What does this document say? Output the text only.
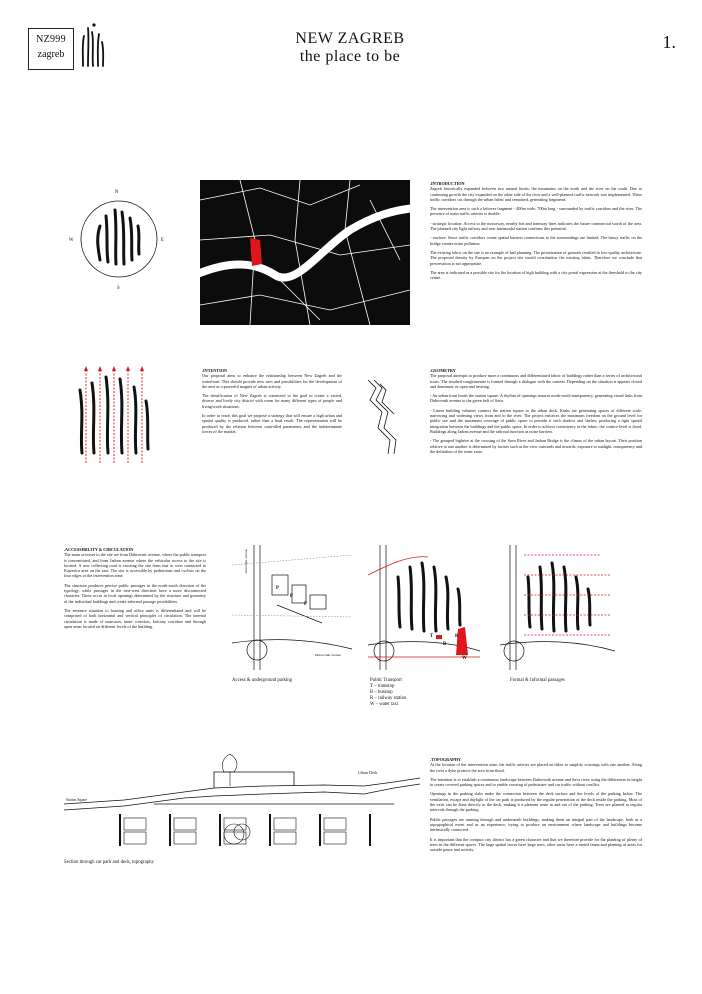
NZ999
zagreb
NEW ZAGREB
the place to be
1.
N
S
W	E
.INTRODUCTION

Zagreb historically expanded between two natural limits: the mountains on the north and the river on the south. Due to continuing growth the city expanded on the other side of the river and a well-planned traffic network was implemented. These traffic corridors cut through the urban fabric and remained, generating fragments.

The intervention area is such a leftover fragment - 400m wide, 700m long - surrounded by traffic corridors and the river. The presence of main traffic arteries is double:

- strategic location: Access to the motorway, nearby bus and tramway lines indicates the future commercial worth of the area. The planned city light railway and new intermodal station confirms this potential.

- enclave: Since traffic corridors create spatial barriers connections to the surroundings are limited. The heavy traffic on the bridge creates noise pollution.

The existing fabric on the site is an example of bad planning. The privatization of grounds resulted in low-quality architecture. The proposed density by Europan on the project site would overshadow the existing fabric. Therefore we conclude that preservation is not appropriate.

The area is indicated as a possible site for the location of high building with a city portal expression at the threshold to the city centre.

.INTENTION

Our proposal aims to enhance the relationship between New Zagreb and the waterfront. This should provide new uses and possibilities for the development of the area as a powerful magnet of urban activity.

The densification of New Zagreb is connected to the goal to create a varied, diverse and lively city district with room for many different types of people and living/work situations.

In order to reach this goal we propose a strategy that will ensure a high urban and spatial quality is produced, rather than a final result. The representation will be produced by the relation between controlled parameters and the indeterminate forces of the market.

.GEOMETRY

The proposal attempts to produce more a continuous and differentiated fabric of buildings rather than a series of architectural icons. The resulted conglomerate is formed through a dialogue with the context. Depending on the situation it appears closed and dominant, or open and inviting.

- An urban front limits the station square. A rhythm of openings ensures north-south transparency, generating visual links from Dubrovnik avenue to the green belt of Sava.

- Linear building volumes connect the station square to the urban deck. Kinks are generating spaces of different scale, narrowing and widening views from and to the river. The project enforces the maximum freedom on the ground level for public use and the maximum coverage of public space to provide it with shadow and shelter, producing a tight spatial integration between the buildings and the public space. In order to achieve consistency in the fabric, the cornice level is fixed. Buildings along Jadran avenue and the railroad function as noise barriers.

- The grouped highrise at the crossing of the Sava River and Jadran Bridge is the climax of the urban layout. Their position relative to one another is determined by factors such as the view outwards and inwards, exposure to sunlight, transparency and the definition of the inner zone.

.ACCESSIBILITY & CIRCULATION

The main accesses to the site are from Dubrovnic avenue, where the public transport is concentrated, and from Jadran avenue where the vehicular access to the site is located. A new collecting road is crossing the site from east to west connected to Kajzerica area on the east. The site is accessible by pedestrians and cyclists on the four edges of the intervention zone.

The structure produces precise public passages in the north-south direction of the typology, while passages in the east-west direction have a more disconnected character. These occur in local openings determined by the structure and geometry of the individual buildings and create informal passage possibilities.

The entrance situation to housing and office units is differentiated and will be comprised of both horizontal and vertical principles of circulation. The internal circulation is made of staircases, inner corridors, balcony corridors and through open areas located on different levels of the building.

Jadranska avenue
Dubrovnik avenue
P
P
P
T
B
R
W
Access & underground parking	Public Transport
T – tramstop
B – busstop
R – railway station
W – water taxi
Formal & Informal passages
Urban Deck
Station Square
Section through car park and deck, topography
.TOPOGRAPHY

At the location of the intervention zone, the traffic arteries are placed on dikes to simplify crossings with one another. Along the river a dyke protects the area from flood.

The intention is to establish a continuous landscape between Dubrovnik avenue and Sava river, using the differences in height to create covered parking spaces and to enable crossing of pedestrian- and car traffic without conflict.

Openings in the parking slabs make the connection between the deck surface and the levels of the parking below. The ventilation, escape and daylight of the car park is produced by the regular penetration of the deck inside the parking. Most of the exits can be done directly to the deck, making it a pleasant route in and out of the parking. Trees are planted at regular intervals through the parking.

Public passages are running through and underneath buildings, making them an integral part of the landscape, both as a topographical event and as an experience, trying to produce an environment where landscape and buildings become intrinsically connected.

It is important that the compact city district has a green character and that we therefore provide for the planting of plenty of trees in the different spaces. The large spatial traces have large trees, other areas have a varied fauna and planting of areas for outside pause and activity.
